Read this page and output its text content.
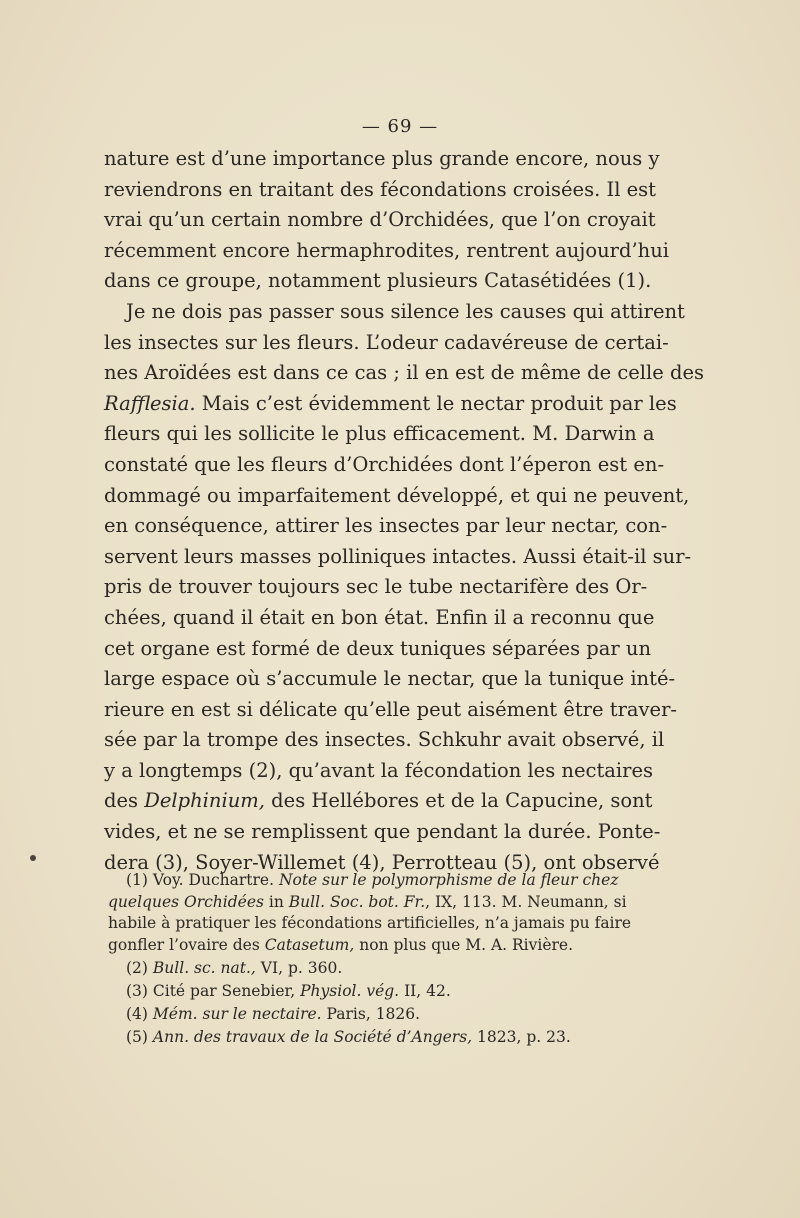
— 69 —
nature est d’une importance plus grande encore, nous y
reviendrons en traitant des fécondations croisées. Il est
vrai qu’un certain nombre d’Orchidées, que l’on croyait
récemment encore hermaphrodites, rentrent aujourd’hui
dans ce groupe, notamment plusieurs Catasétidées (1).
Je ne dois pas passer sous silence les causes qui attirent
les insectes sur les fleurs. L’odeur cadavéreuse de certai-
nes Aroïdées est dans ce cas ; il en est de même de celle des
Rafflesia. Mais c’est évidemment le nectar produit par les
fleurs qui les sollicite le plus efficacement. M. Darwin a
constaté que les fleurs d’Orchidées dont l’éperon est en-
dommagé ou imparfaitement développé, et qui ne peuvent,
en conséquence, attirer les insectes par leur nectar, con-
servent leurs masses polliniques intactes. Aussi était-il sur-
pris de trouver toujours sec le tube nectarifère des Or-
chées, quand il était en bon état. Enfin il a reconnu que
cet organe est formé de deux tuniques séparées par un
large espace où s’accumule le nectar, que la tunique inté-
rieure en est si délicate qu’elle peut aisément être traver-
sée par la trompe des insectes. Schkuhr avait observé, il
y a longtemps (2), qu’avant la fécondation les nectaires
des Delphinium, des Hellébores et de la Capucine, sont
vides, et ne se remplissent que pendant la durée. Ponte-
dera (3), Soyer-Willemet (4), Perrotteau (5), ont observé
(1) Voy. Duchartre. Note sur le polymorphisme de la fleur chez
quelques Orchidées in Bull. Soc. bot. Fr., IX, 113. M. Neumann, si
habile à pratiquer les fécondations artificielles, n’a jamais pu faire
gonfler l’ovaire des Catasetum, non plus que M. A. Rivière.
(2) Bull. sc. nat., VI, p. 360.
(3) Cité par Senebier, Physiol. vég. II, 42.
(4) Mém. sur le nectaire. Paris, 1826.
(5) Ann. des travaux de la Société d’Angers, 1823, p. 23.
